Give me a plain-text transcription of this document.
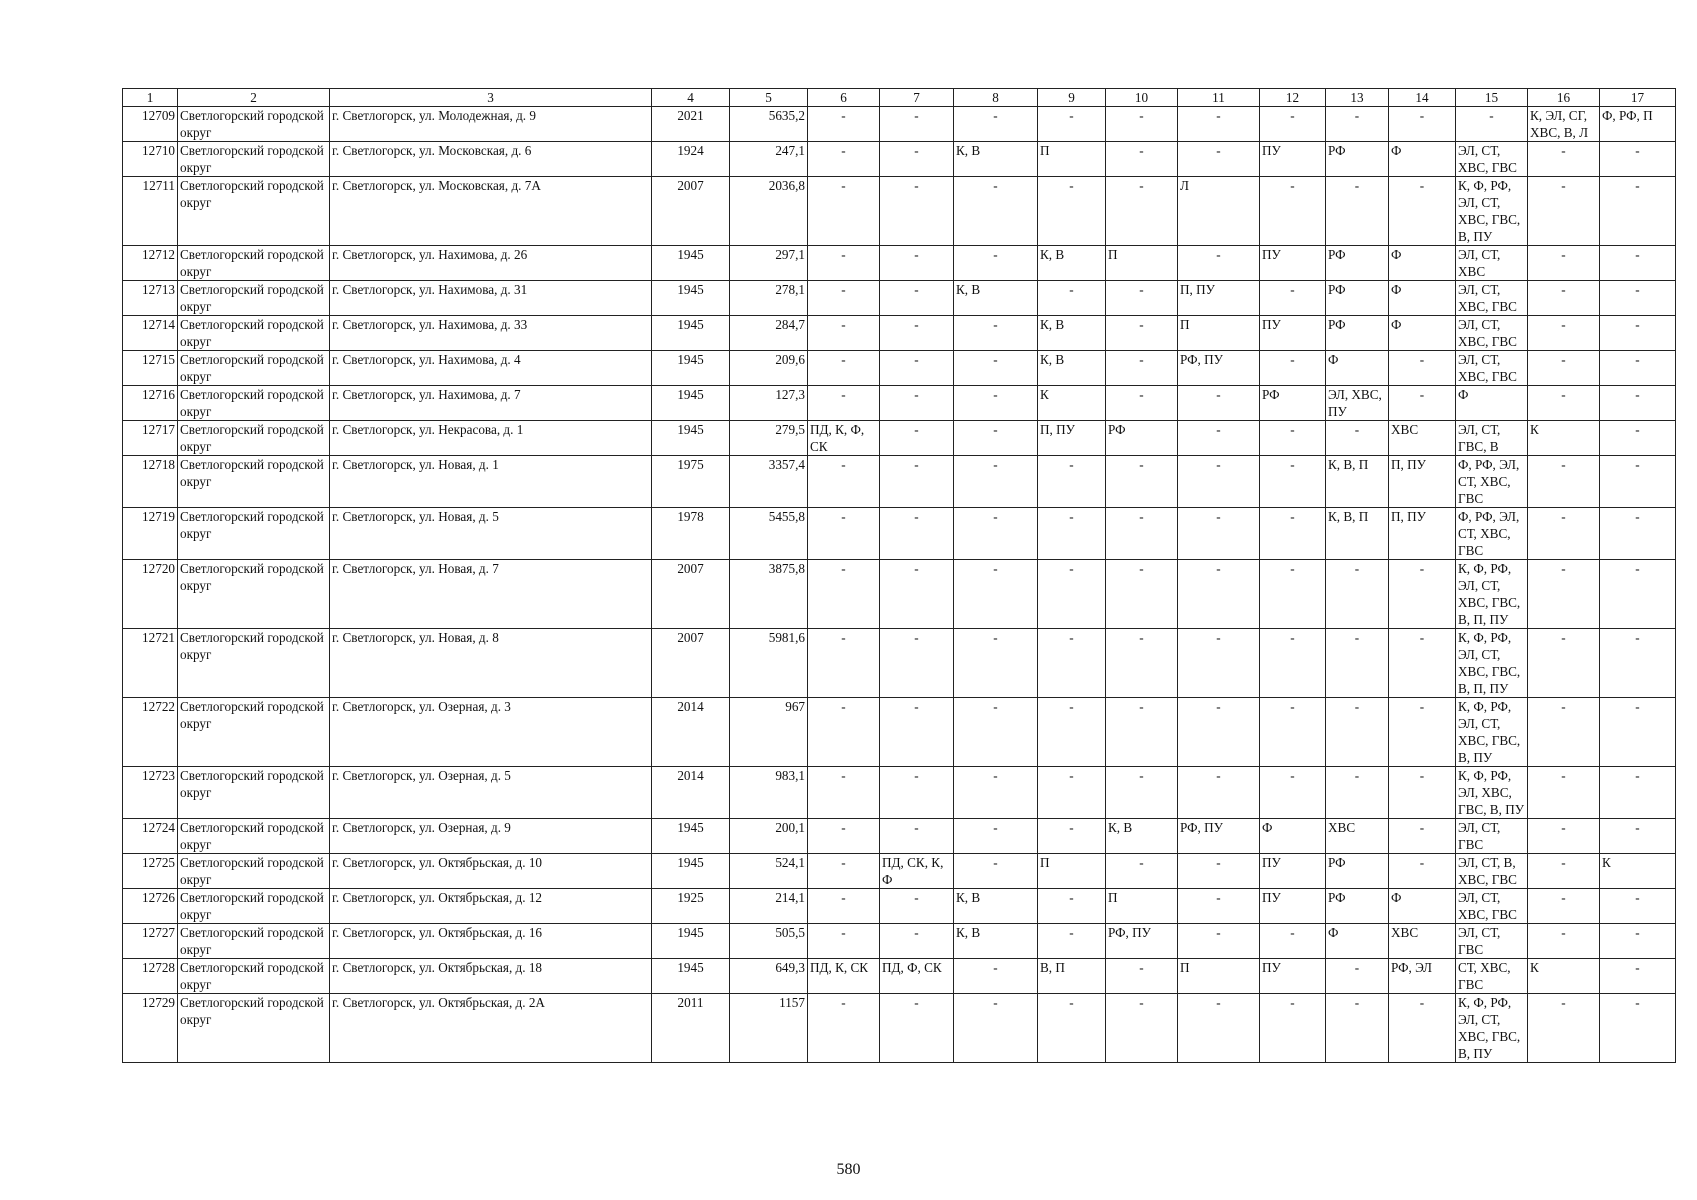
1	2	3	4	5	6	7	8	9	10	11	12	13	14	15	16	17
12709	Светлогорский городской округ	г. Светлогорск, ул. Молодежная, д. 9	2021	5635,2	-	-	-	-	-	-	-	-	-	-	К, ЭЛ, СГ, ХВС, В, Л	Ф, РФ, П
12710	Светлогорский городской округ	г. Светлогорск, ул. Московская, д. 6	1924	247,1	-	-	К, В	П	-	-	ПУ	РФ	Ф	ЭЛ, СТ, ХВС, ГВС	-	-
12711	Светлогорский городской округ	г. Светлогорск, ул. Московская, д. 7А	2007	2036,8	-	-	-	-	-	Л	-	-	-	К, Ф, РФ, ЭЛ, СТ, ХВС, ГВС, В, ПУ	-	-
12712	Светлогорский городской округ	г. Светлогорск, ул. Нахимова, д. 26	1945	297,1	-	-	-	К, В	П	-	ПУ	РФ	Ф	ЭЛ, СТ, ХВС	-	-
12713	Светлогорский городской округ	г. Светлогорск, ул. Нахимова, д. 31	1945	278,1	-	-	К, В	-	-	П, ПУ	-	РФ	Ф	ЭЛ, СТ, ХВС, ГВС	-	-
12714	Светлогорский городской округ	г. Светлогорск, ул. Нахимова, д. 33	1945	284,7	-	-	-	К, В	-	П	ПУ	РФ	Ф	ЭЛ, СТ, ХВС, ГВС	-	-
12715	Светлогорский городской округ	г. Светлогорск, ул. Нахимова, д. 4	1945	209,6	-	-	-	К, В	-	РФ, ПУ	-	Ф	-	ЭЛ, СТ, ХВС, ГВС	-	-
12716	Светлогорский городской округ	г. Светлогорск, ул. Нахимова, д. 7	1945	127,3	-	-	-	К	-	-	РФ	ЭЛ, ХВС, ПУ	-	Ф	-	-
12717	Светлогорский городской округ	г. Светлогорск, ул. Некрасова, д. 1	1945	279,5	ПД, К, Ф, СК	-	-	П, ПУ	РФ	-	-	-	ХВС	ЭЛ, СТ, ГВС, В	К	-
12718	Светлогорский городской округ	г. Светлогорск, ул. Новая, д. 1	1975	3357,4	-	-	-	-	-	-	-	К, В, П	П, ПУ	Ф, РФ, ЭЛ, СТ, ХВС, ГВС	-	-
12719	Светлогорский городской округ	г. Светлогорск, ул. Новая, д. 5	1978	5455,8	-	-	-	-	-	-	-	К, В, П	П, ПУ	Ф, РФ, ЭЛ, СТ, ХВС, ГВС	-	-
12720	Светлогорский городской округ	г. Светлогорск, ул. Новая, д. 7	2007	3875,8	-	-	-	-	-	-	-	-	-	К, Ф, РФ, ЭЛ, СТ, ХВС, ГВС, В, П, ПУ	-	-
12721	Светлогорский городской округ	г. Светлогорск, ул. Новая, д. 8	2007	5981,6	-	-	-	-	-	-	-	-	-	К, Ф, РФ, ЭЛ, СТ, ХВС, ГВС, В, П, ПУ	-	-
12722	Светлогорский городской округ	г. Светлогорск, ул. Озерная, д. 3	2014	967	-	-	-	-	-	-	-	-	-	К, Ф, РФ, ЭЛ, СТ, ХВС, ГВС, В, ПУ	-	-
12723	Светлогорский городской округ	г. Светлогорск, ул. Озерная, д. 5	2014	983,1	-	-	-	-	-	-	-	-	-	К, Ф, РФ, ЭЛ, ХВС, ГВС, В, ПУ	-	-
12724	Светлогорский городской округ	г. Светлогорск, ул. Озерная, д. 9	1945	200,1	-	-	-	-	К, В	РФ, ПУ	Ф	ХВС	-	ЭЛ, СТ, ГВС	-	-
12725	Светлогорский городской округ	г. Светлогорск, ул. Октябрьская, д. 10	1945	524,1	-	ПД, СК, К, Ф	-	П	-	-	ПУ	РФ	-	ЭЛ, СТ, В, ХВС, ГВС	-	К
12726	Светлогорский городской округ	г. Светлогорск, ул. Октябрьская, д. 12	1925	214,1	-	-	К, В	-	П	-	ПУ	РФ	Ф	ЭЛ, СТ, ХВС, ГВС	-	-
12727	Светлогорский городской округ	г. Светлогорск, ул. Октябрьская, д. 16	1945	505,5	-	-	К, В	-	РФ, ПУ	-	-	Ф	ХВС	ЭЛ, СТ, ГВС	-	-
12728	Светлогорский городской округ	г. Светлогорск, ул. Октябрьская, д. 18	1945	649,3	ПД, К, СК	ПД, Ф, СК	-	В, П	-	П	ПУ	-	РФ, ЭЛ	СТ, ХВС, ГВС	К	-
12729	Светлогорский городской округ	г. Светлогорск, ул. Октябрьская, д. 2А	2011	1157	-	-	-	-	-	-	-	-	-	К, Ф, РФ, ЭЛ, СТ, ХВС, ГВС, В, ПУ	-	-
580
